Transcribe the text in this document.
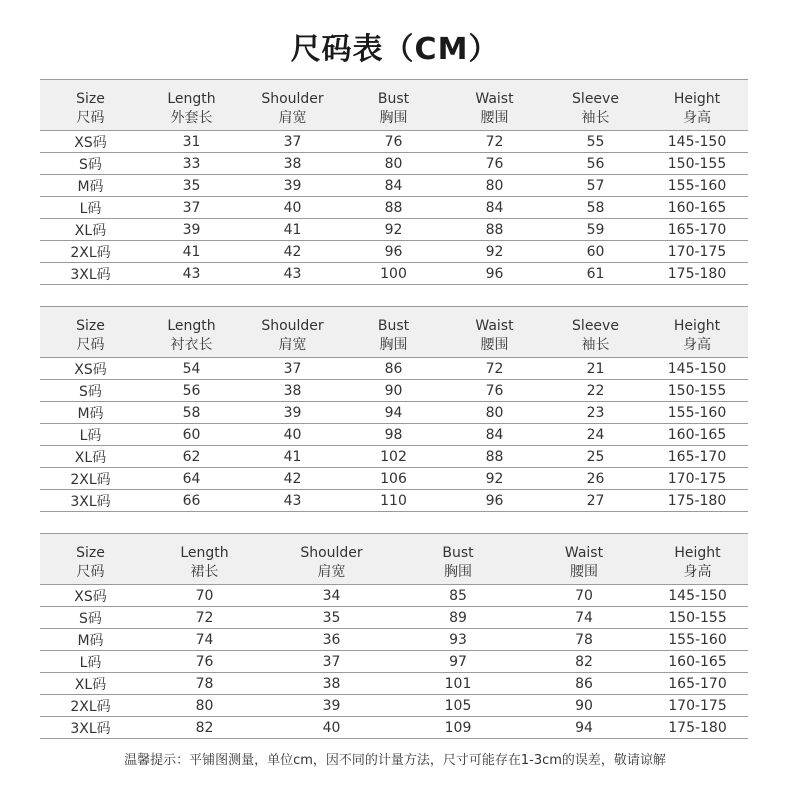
尺码表（CM）
Size	Length	Shoulder	Bust	Waist	Sleeve	Height
尺码	外套长	肩宽	胸围	腰围	袖长	身高
XS码	31	37	76	72	55	145-150
S码	33	38	80	76	56	150-155
M码	35	39	84	80	57	155-160
L码	37	40	88	84	58	160-165
XL码	39	41	92	88	59	165-170
2XL码	41	42	96	92	60	170-175
3XL码	43	43	100	96	61	175-180
Size	Length	Shoulder	Bust	Waist	Sleeve	Height
尺码	衬衣长	肩宽	胸围	腰围	袖长	身高
XS码	54	37	86	72	21	145-150
S码	56	38	90	76	22	150-155
M码	58	39	94	80	23	155-160
L码	60	40	98	84	24	160-165
XL码	62	41	102	88	25	165-170
2XL码	64	42	106	92	26	170-175
3XL码	66	43	110	96	27	175-180
Size	Length	Shoulder	Bust	Waist	Height
尺码	裙长	肩宽	胸围	腰围	身高
XS码	70	34	85	70	145-150
S码	72	35	89	74	150-155
M码	74	36	93	78	155-160
L码	76	37	97	82	160-165
XL码	78	38	101	86	165-170
2XL码	80	39	105	90	170-175
3XL码	82	40	109	94	175-180
温馨提示：平铺图测量，单位cm，因不同的计量方法，尺寸可能存在1-3cm的误差，敬请谅解
